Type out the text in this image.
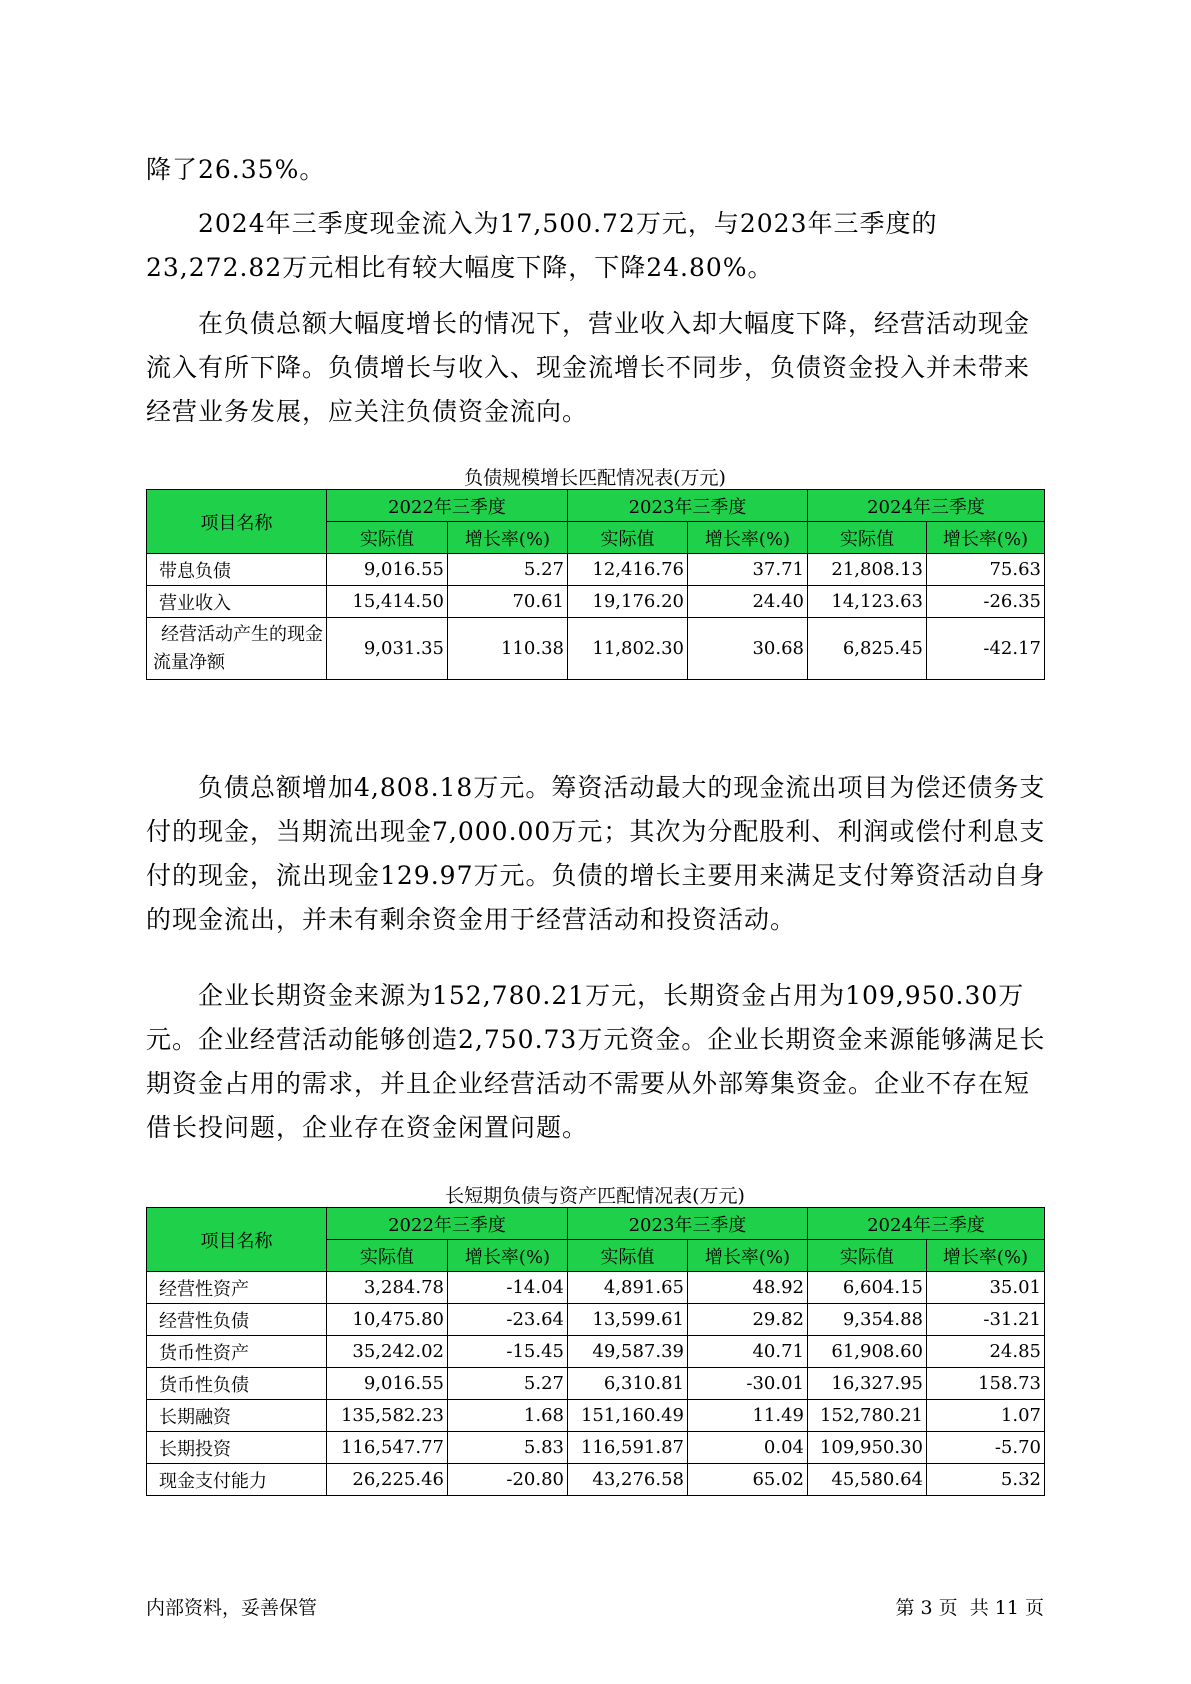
降了26.35%。

2024年三季度现金流入为17,500.72万元，与2023年三季度的23,272.82万元相比有较大幅度下降，下降24.80%。

在负债总额大幅度增长的情况下，营业收入却大幅度下降，经营活动现金流入有所下降。负债增长与收入、现金流增长不同步，负债资金投入并未带来经营业务发展，应关注负债资金流向。

负债规模增长匹配情况表(万元)

项目名称	2022年三季度		2023年三季度		2024年三季度	
	实际值	增长率(%)	实际值	增长率(%)	实际值	增长率(%)
带息负债	9,016.55	5.27	12,416.76	37.71	21,808.13	75.63
营业收入	15,414.50	70.61	19,176.20	24.40	14,123.63	-26.35
经营活动产生的现金流量净额	9,031.35	110.38	11,802.30	30.68	6,825.45	-42.17

负债总额增加4,808.18万元。筹资活动最大的现金流出项目为偿还债务支付的现金，当期流出现金7,000.00万元；其次为分配股利、利润或偿付利息支付的现金，流出现金129.97万元。负债的增长主要用来满足支付筹资活动自身的现金流出，并未有剩余资金用于经营活动和投资活动。

企业长期资金来源为152,780.21万元，长期资金占用为109,950.30万元。企业经营活动能够创造2,750.73万元资金。企业长期资金来源能够满足长期资金占用的需求，并且企业经营活动不需要从外部筹集资金。企业不存在短借长投问题，企业存在资金闲置问题。

长短期负债与资产匹配情况表(万元)

项目名称	2022年三季度		2023年三季度		2024年三季度	
	实际值	增长率(%)	实际值	增长率(%)	实际值	增长率(%)
经营性资产	3,284.78	-14.04	4,891.65	48.92	6,604.15	35.01
经营性负债	10,475.80	-23.64	13,599.61	29.82	9,354.88	-31.21
货币性资产	35,242.02	-15.45	49,587.39	40.71	61,908.60	24.85
货币性负债	9,016.55	5.27	6,310.81	-30.01	16,327.95	158.73
长期融资	135,582.23	1.68	151,160.49	11.49	152,780.21	1.07
长期投资	116,547.77	5.83	116,591.87	0.04	109,950.30	-5.70
现金支付能力	26,225.46	-20.80	43,276.58	65.02	45,580.64	5.32

内部资料，妥善保管	第 3 页  共 11 页
